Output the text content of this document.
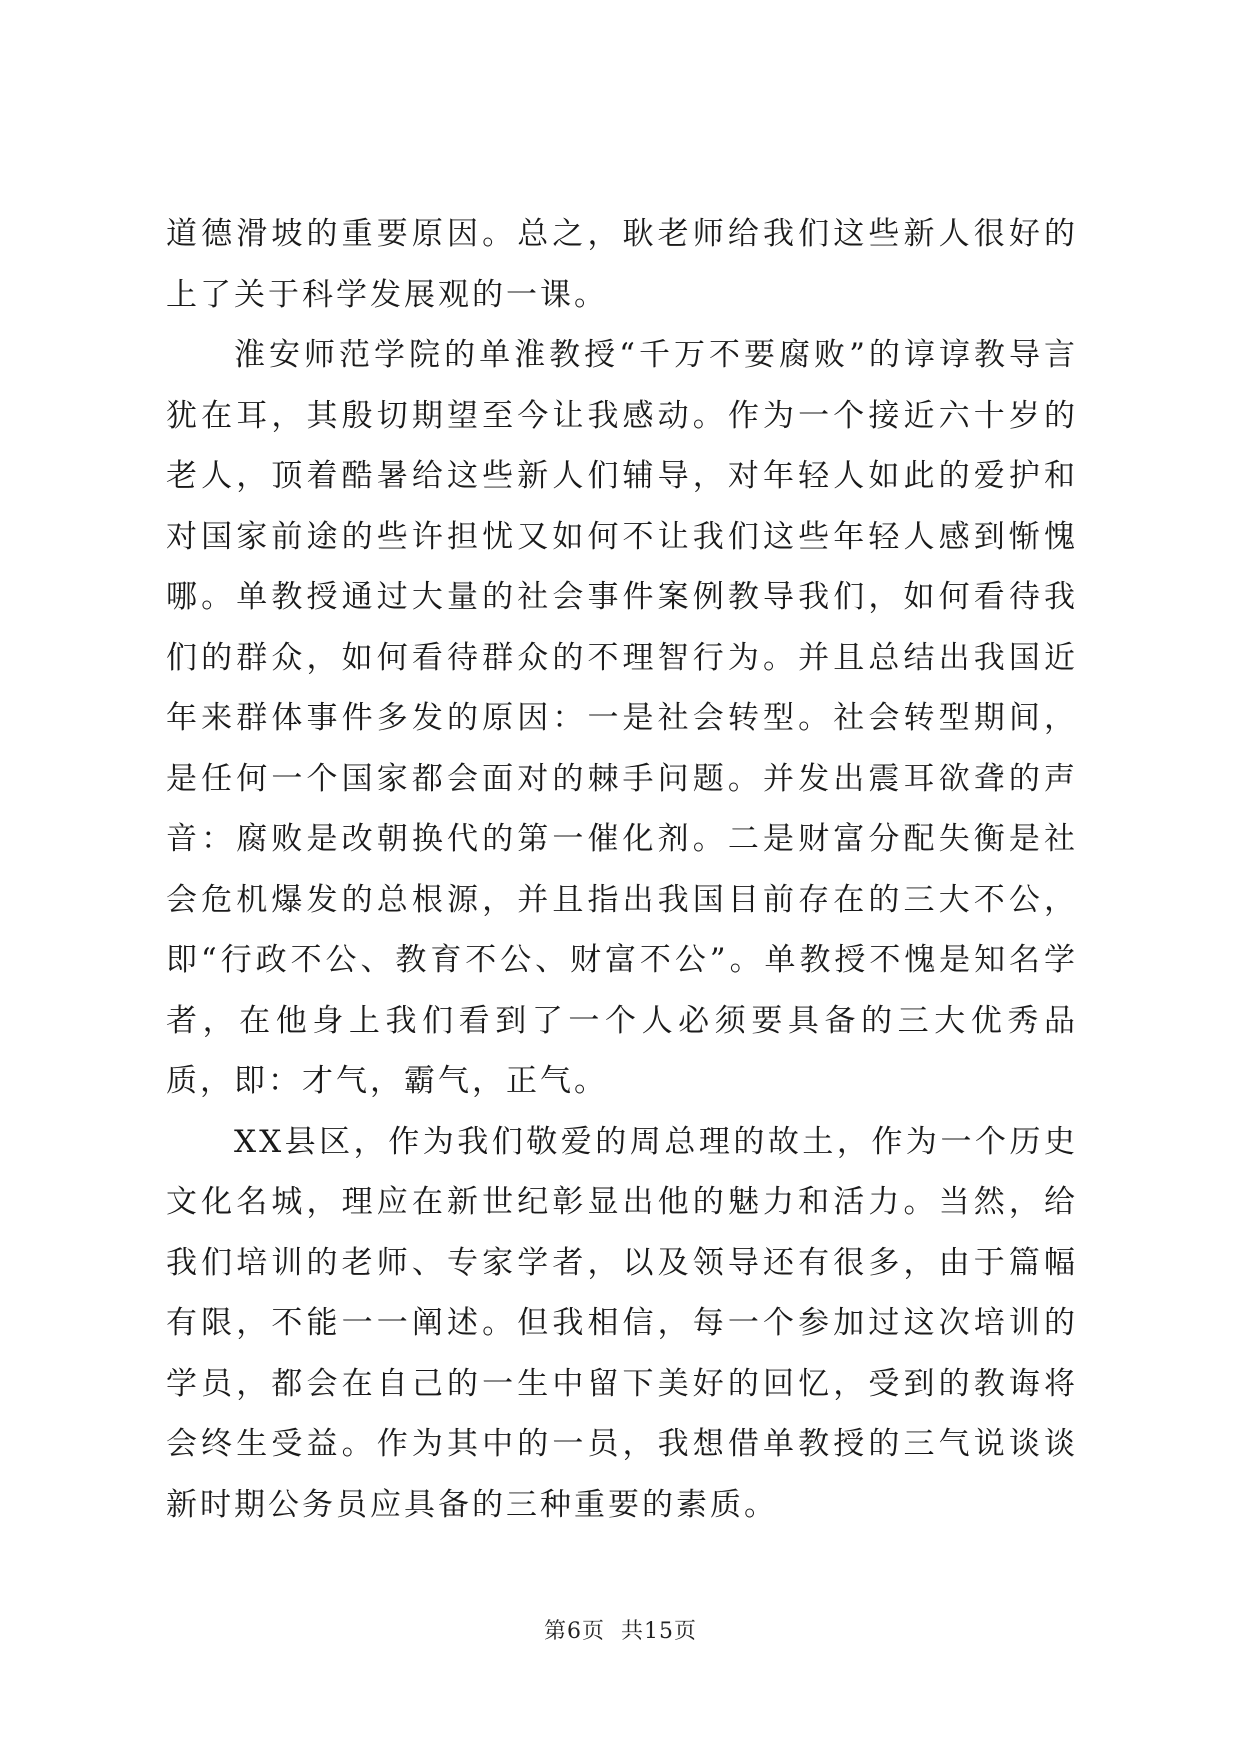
道德滑坡的重要原因。总之，耿老师给我们这些新人很好的上了关于科学发展观的一课。

淮安师范学院的单淮教授“千万不要腐败”的谆谆教导言犹在耳，其殷切期望至今让我感动。作为一个接近六十岁的老人，顶着酷暑给这些新人们辅导，对年轻人如此的爱护和对国家前途的些许担忧又如何不让我们这些年轻人感到惭愧哪。单教授通过大量的社会事件案例教导我们，如何看待我们的群众，如何看待群众的不理智行为。并且总结出我国近年来群体事件多发的原因：一是社会转型。社会转型期间，是任何一个国家都会面对的棘手问题。并发出震耳欲聋的声音：腐败是改朝换代的第一催化剂。二是财富分配失衡是社会危机爆发的总根源，并且指出我国目前存在的三大不公，即“行政不公、教育不公、财富不公”。单教授不愧是知名学者，在他身上我们看到了一个人必须要具备的三大优秀品质，即：才气，霸气，正气。

XX县区，作为我们敬爱的周总理的故土，作为一个历史文化名城，理应在新世纪彰显出他的魅力和活力。当然，给我们培训的老师、专家学者，以及领导还有很多，由于篇幅有限，不能一一阐述。但我相信，每一个参加过这次培训的学员，都会在自己的一生中留下美好的回忆，受到的教诲将会终生受益。作为其中的一员，我想借单教授的三气说谈谈新时期公务员应具备的三种重要的素质。

第6页  共15页
